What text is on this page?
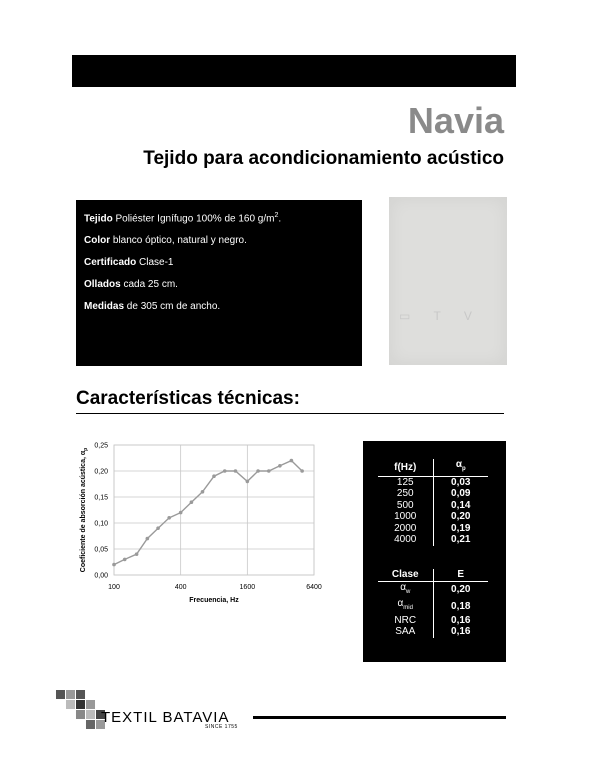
Navia
Tejido para acondicionamiento acústico
Tejido Poliéster Ignífugo 100% de 160 $g/m^2$.
Color blanco óptico, natural y negro.
Certificado Clase-1
Ollados cada 25 cm.
Medidas de 305 cm de ancho.
▭ T V
Características técnicas:
0,00
0,05
0,10
0,15
0,20
0,25
100	400	1600	6400
Frecuencia, Hz
Coeficiente de absorción acústica, $\alpha_p$
f(Hz)	$\alpha_p$
125	0,03
250	0,09
500	0,14
1000	0,20
2000	0,19
4000	0,21
Clase	E
$\alpha_w$	0,20
$\alpha_{mid}$	0,18
NRC	0,16
SAA	0,16
TEXTIL BATAVIA
SINCE 1755
